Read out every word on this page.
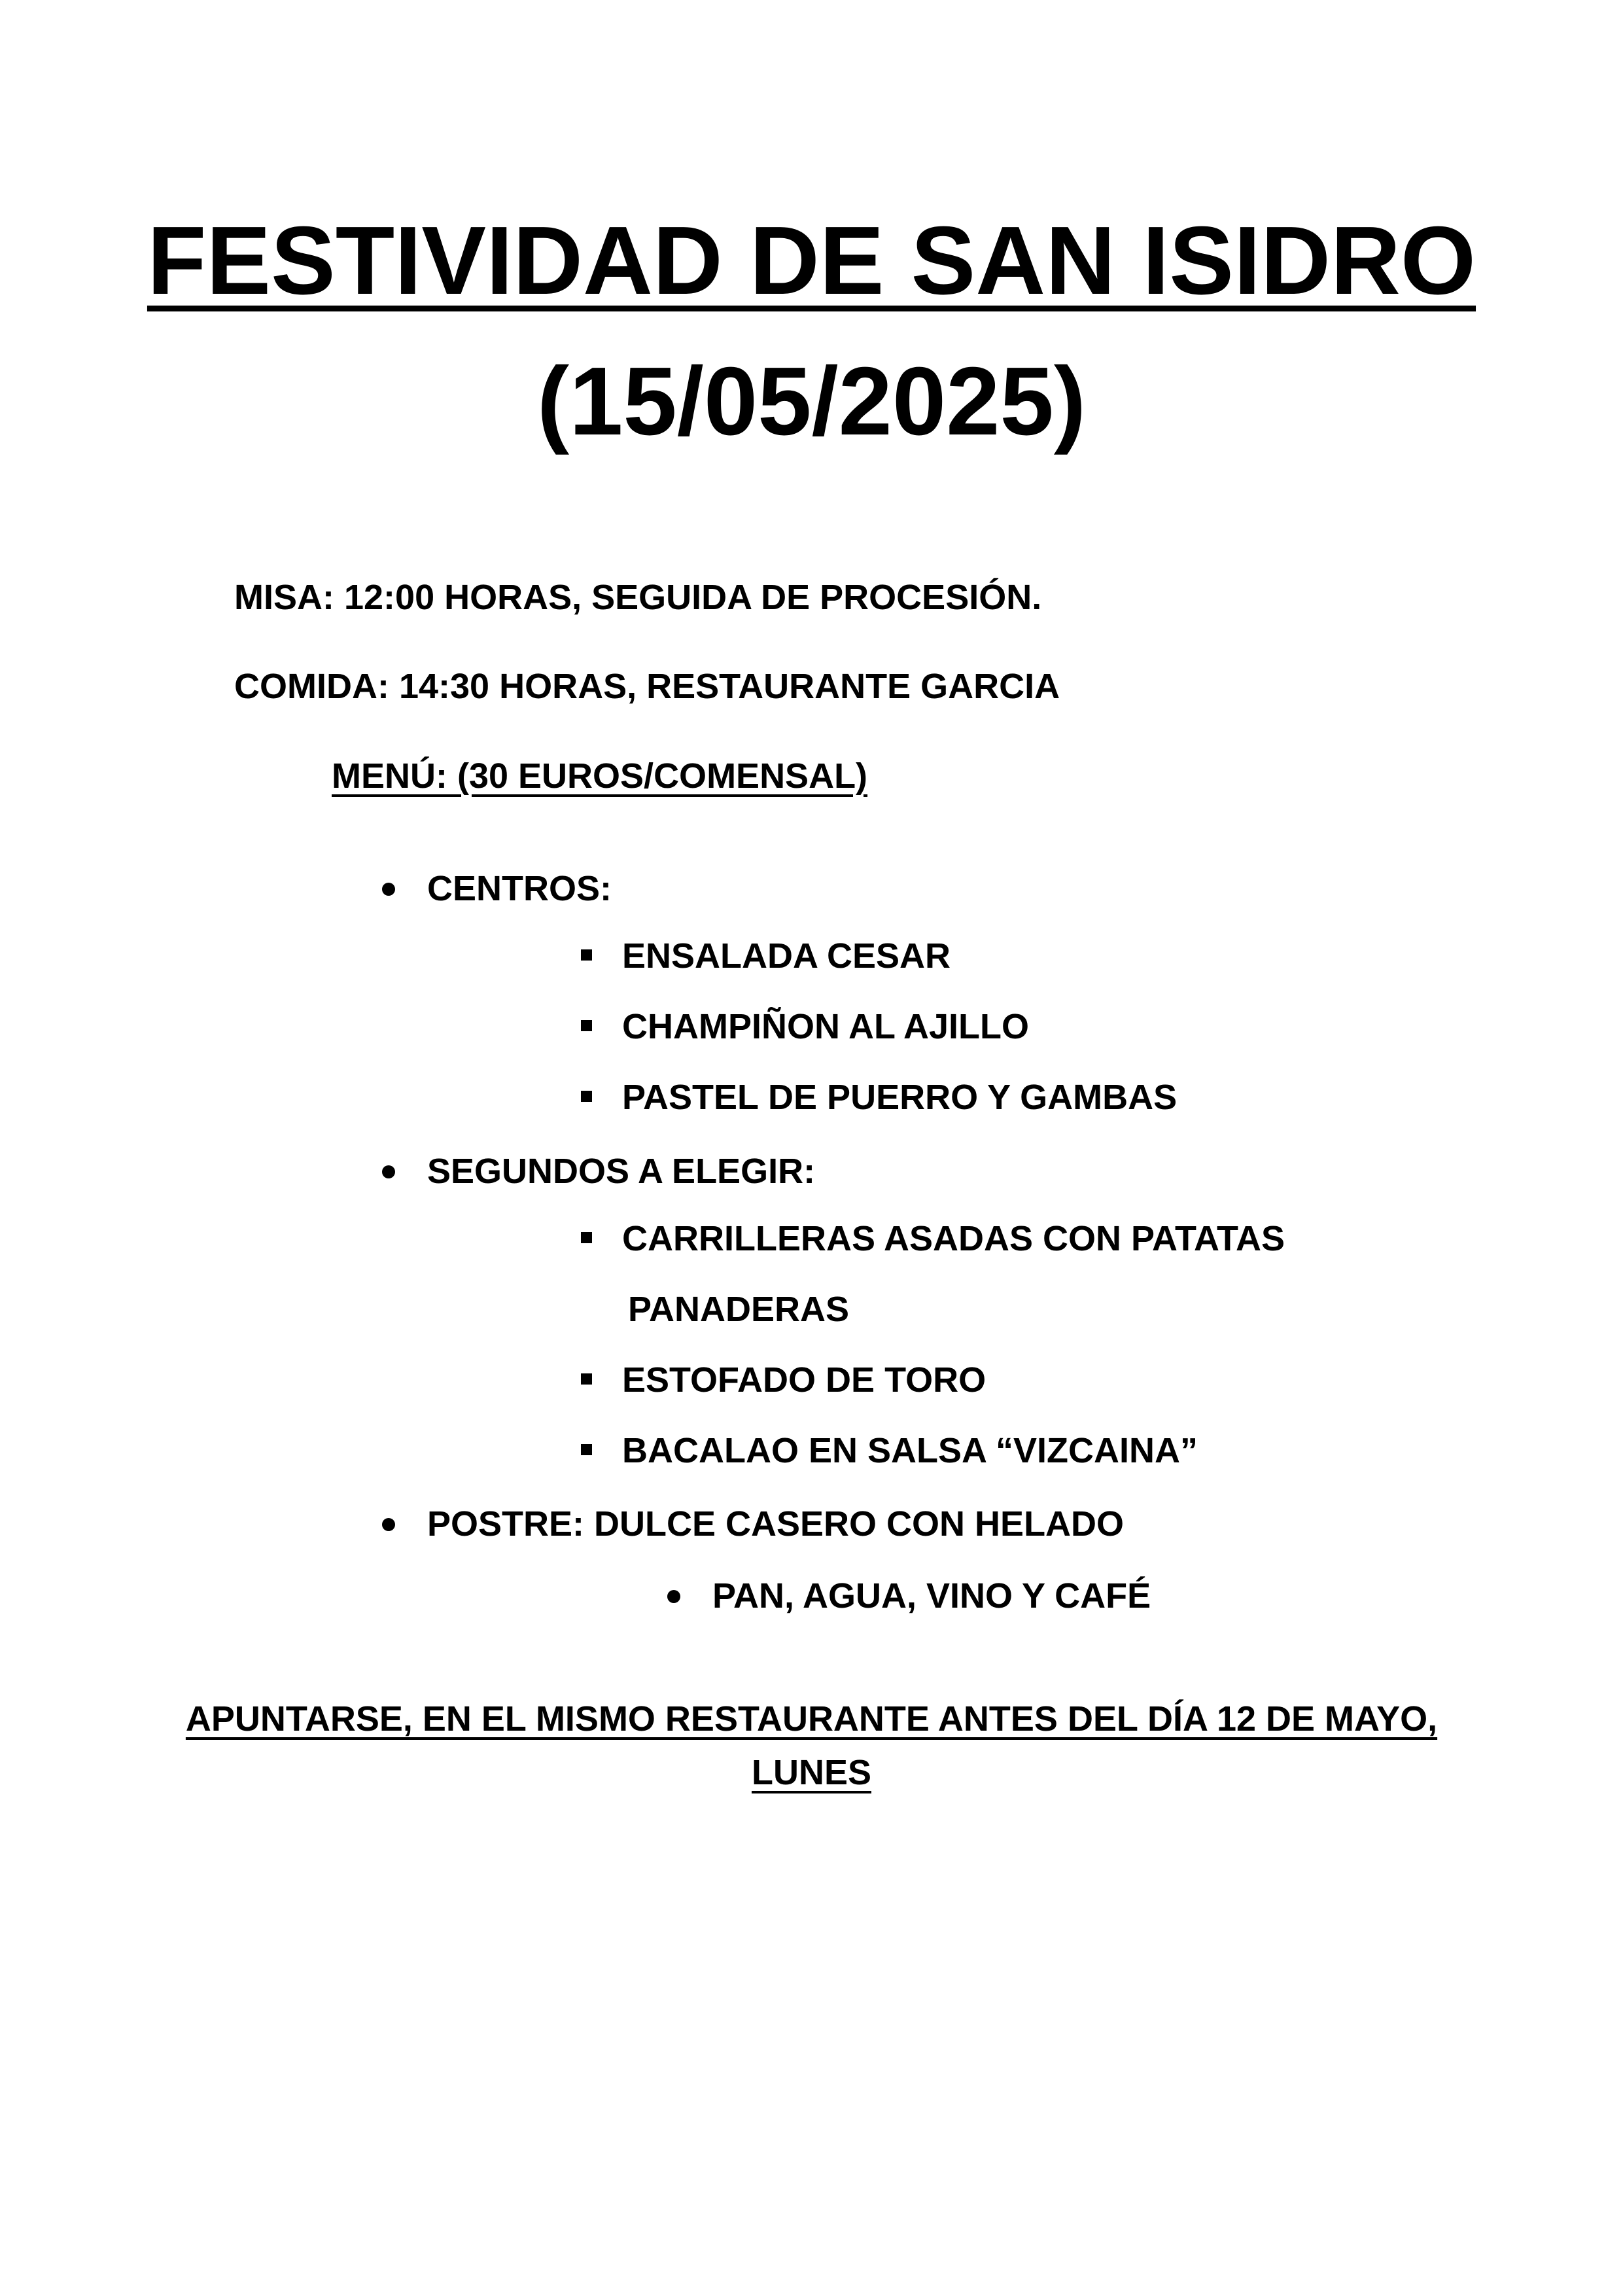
FESTIVIDAD DE SAN ISIDRO
(15/05/2025)
MISA: 12:00 HORAS, SEGUIDA DE PROCESIÓN.
COMIDA: 14:30 HORAS, RESTAURANTE GARCIA
MENÚ: (30 EUROS/COMENSAL)
CENTROS:
ENSALADA CESAR
CHAMPIÑON AL AJILLO
PASTEL DE PUERRO Y GAMBAS
SEGUNDOS A ELEGIR:
CARRILLERAS ASADAS CON PATATAS
PANADERAS
ESTOFADO DE TORO
BACALAO EN SALSA “VIZCAINA”
POSTRE: DULCE CASERO CON HELADO
PAN, AGUA, VINO Y CAFÉ
APUNTARSE, EN EL MISMO RESTAURANTE ANTES DEL DÍA 12 DE MAYO,
LUNES
